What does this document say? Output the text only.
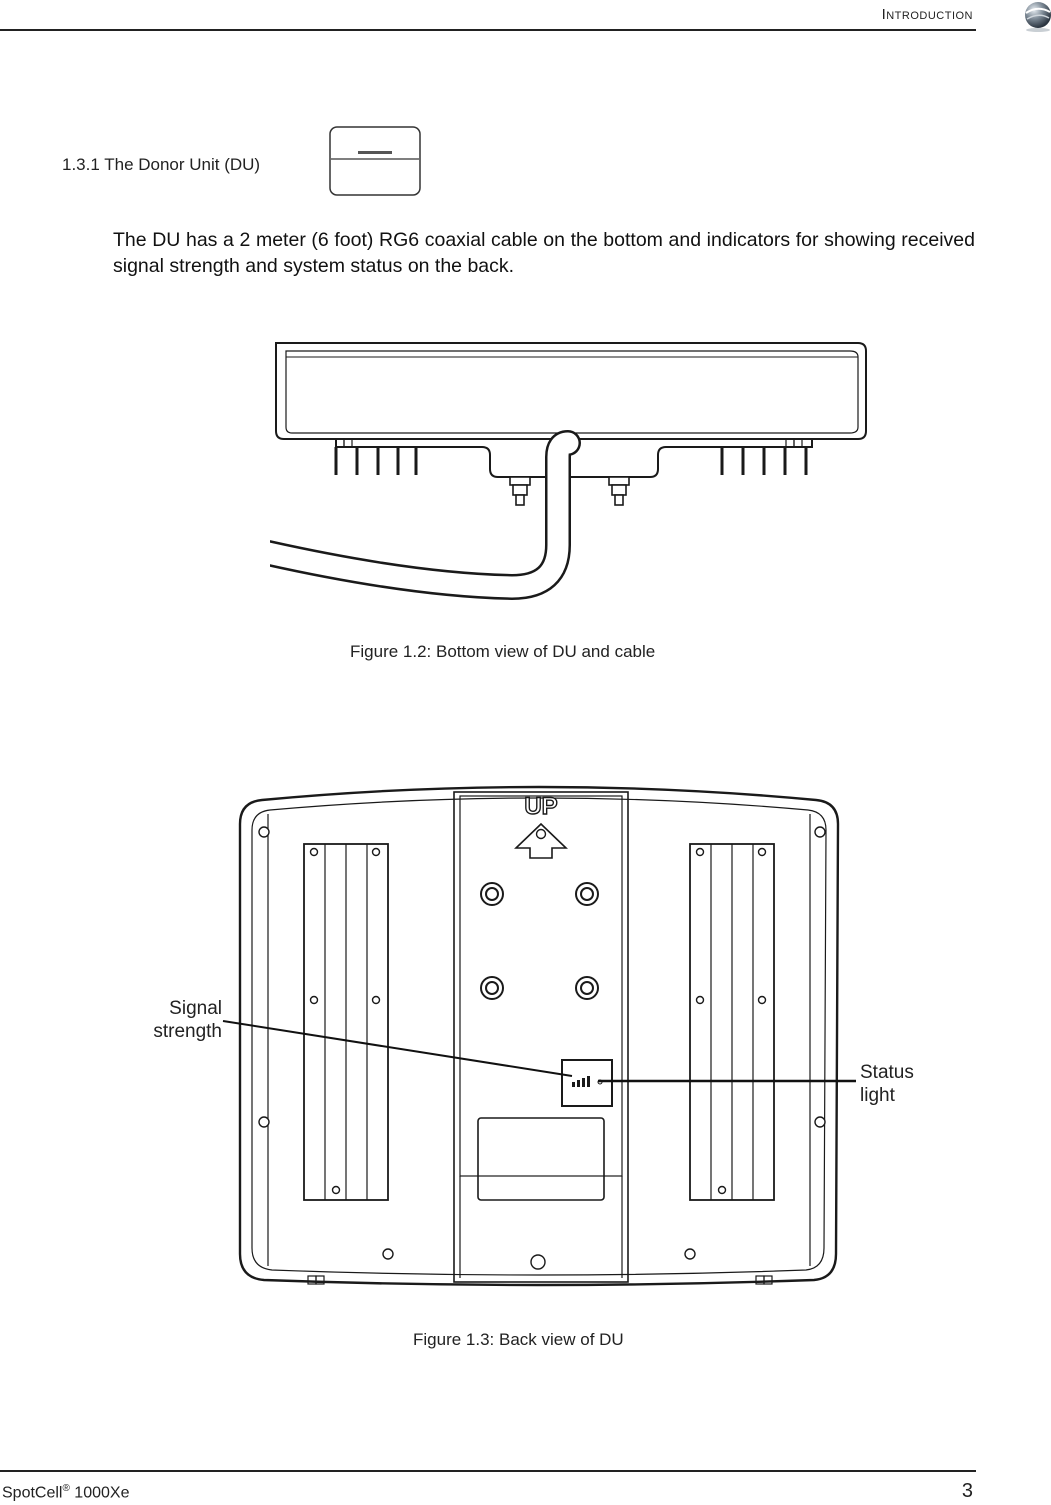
Introduction
1.3.1 The Donor Unit (DU)
The DU has a 2 meter (6 foot) RG6 coaxial cable on the bottom and indicators for showing received signal strength and system status on the back.
Figure 1.2: Bottom view of DU and cable
UP
Signal
strength
Status
light
Figure 1.3: Back view of DU
SpotCell® 1000Xe	3
